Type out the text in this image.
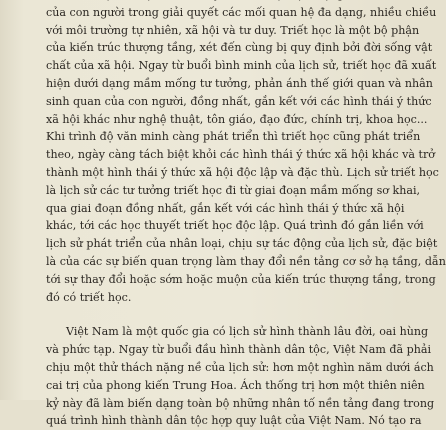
của con người trong giải quyết các mối quan hệ đa dạng, nhiều chiều
với môi trường tự nhiên, xã hội và tư duy. Triết học là một bộ phận
của kiến trúc thượng tầng, xét đến cùng bị quy định bởi đời sống vật
chất của xã hội. Ngay từ buổi bình minh của lịch sử, triết học đã xuất
hiện dưới dạng mầm mống tư tưởng, phản ánh thế giới quan và nhân
sinh quan của con người, đồng nhất, gắn kết với các hình thái ý thức
xã hội khác như nghệ thuật, tôn giáo, đạo đức, chính trị, khoa học...
Khi trình độ văn minh càng phát triển thì triết học cũng phát triển
theo, ngày càng tách biệt khỏi các hình thái ý thức xã hội khác và trở
thành một hình thái ý thức xã hội độc lập và đặc thù. Lịch sử triết học
là lịch sử các tư tưởng triết học đi từ giai đoạn mầm mống sơ khai,
qua giai đoạn đồng nhất, gắn kết với các hình thái ý thức xã hội
khác, tới các học thuyết triết học độc lập. Quá trình đó gắn liền với
lịch sử phát triển của nhân loại, chịu sự tác động của lịch sử, đặc biệt
là của các sự biến quan trọng làm thay đổi nền tảng cơ sở hạ tầng, dẫn
tới sự thay đổi hoặc sớm hoặc muộn của kiến trúc thượng tầng, trong
đó có triết học.
Việt Nam là một quốc gia có lịch sử hình thành lâu đời, oai hùng
và phức tạp. Ngay từ buổi đầu hình thành dân tộc, Việt Nam đã phải
chịu một thử thách nặng nề của lịch sử: hơn một nghìn năm dưới ách
cai trị của phong kiến Trung Hoa. Ách thống trị hơn một thiên niên
kỷ này đã làm biến dạng toàn bộ những nhân tố nền tảng đang trong
quá trình hình thành dân tộc hợp quy luật của Việt Nam. Nó tạo ra
